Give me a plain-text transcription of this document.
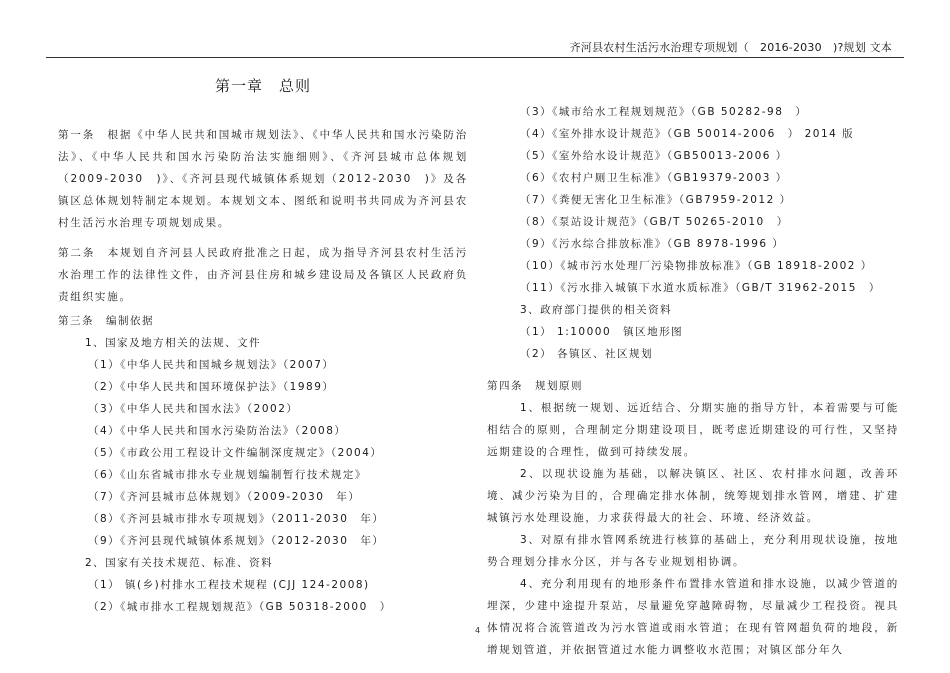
齐河县农村生活污水治理专项规划（　2016-2030　)?规划 文本
第一章　总则

第一条　根据《中华人民共和国城市规划法》、《中华人民共和国水污染防治法》、《中华人民共和国水污染防治法实施细则》、《齐河县城市总体规划（2009-2030　)》、《齐河县现代城镇体系规划（2012-2030　)》及各镇区总体规划特制定本规划。本规划文本、图纸和说明书共同成为齐河县农村生活污水治理专项规划成果。

第二条　本规划自齐河县人民政府批准之日起，成为指导齐河县农村生活污水治理工作的法律性文件，由齐河县住房和城乡建设局及各镇区人民政府负责组织实施。

第三条　编制依据

1、国家及地方相关的法规、文件

（1）《中华人民共和国城乡规划法》（2007）

（2）《中华人民共和国环境保护法》（1989）

（3）《中华人民共和国水法》（2002）

（4）《中华人民共和国水污染防治法》（2008）

（5）《市政公用工程设计文件编制深度规定》（2004）

（6）《山东省城市排水专业规划编制暂行技术规定》

（7）《齐河县城市总体规划》（2009-2030　年）

（8）《齐河县城市排水专项规划》（2011-2030　年）

（9）《齐河县现代城镇体系规划》（2012-2030　年）

2、国家有关技术规范、标准、资料

（1） 镇(乡)村排水工程技术规程 (CJJ 124-2008)

（2）《城市排水工程规划规范》（GB 50318-2000　）

（3）《城市给水工程规划规范》（GB 50282-98　）

（4）《室外排水设计规范》（GB 50014-2006　） 2014 版

（5）《室外给水设计规范》（GB50013-2006 ）

（6）《农村户厕卫生标准》（GB19379-2003 ）

（7）《粪便无害化卫生标准》（GB7959-2012 ）

（8）《泵站设计规范》（GB/T 50265-2010　）

（9）《污水综合排放标准》（GB 8978-1996 ）

（10）《城市污水处理厂污染物排放标准》（GB 18918-2002 ）

（11）《污水排入城镇下水道水质标准》（GB/T 31962-2015　）

3、政府部门提供的相关资料

（1） 1:10000　镇区地形图

（2） 各镇区、社区规划

第四条　规划原则

1、根据统一规划、远近结合、分期实施的指导方针，本着需要与可能相结合的原则，合理制定分期建设项目，既考虑近期建设的可行性，又坚持远期建设的合理性，做到可持续发展。

2、以现状设施为基础，以解决镇区、社区、农村排水问题，改善环境、减少污染为目的，合理确定排水体制，统筹规划排水管网，增建、扩建城镇污水处理设施，力求获得最大的社会、环境、经济效益。

3、对原有排水管网系统进行核算的基础上，充分利用现状设施，按地势合理划分排水分区，并与各专业规划相协调。

4、充分利用现有的地形条件布置排水管道和排水设施，以减少管道的埋深，少建中途提升泵站，尽量避免穿越障碍物，尽量减少工程投资。视具体情况将合流管道改为污水管道或雨水管道；在现有管网超负荷的地段，新增规划管道，并依据管道过水能力调整收水范围；对镇区部分年久

4
